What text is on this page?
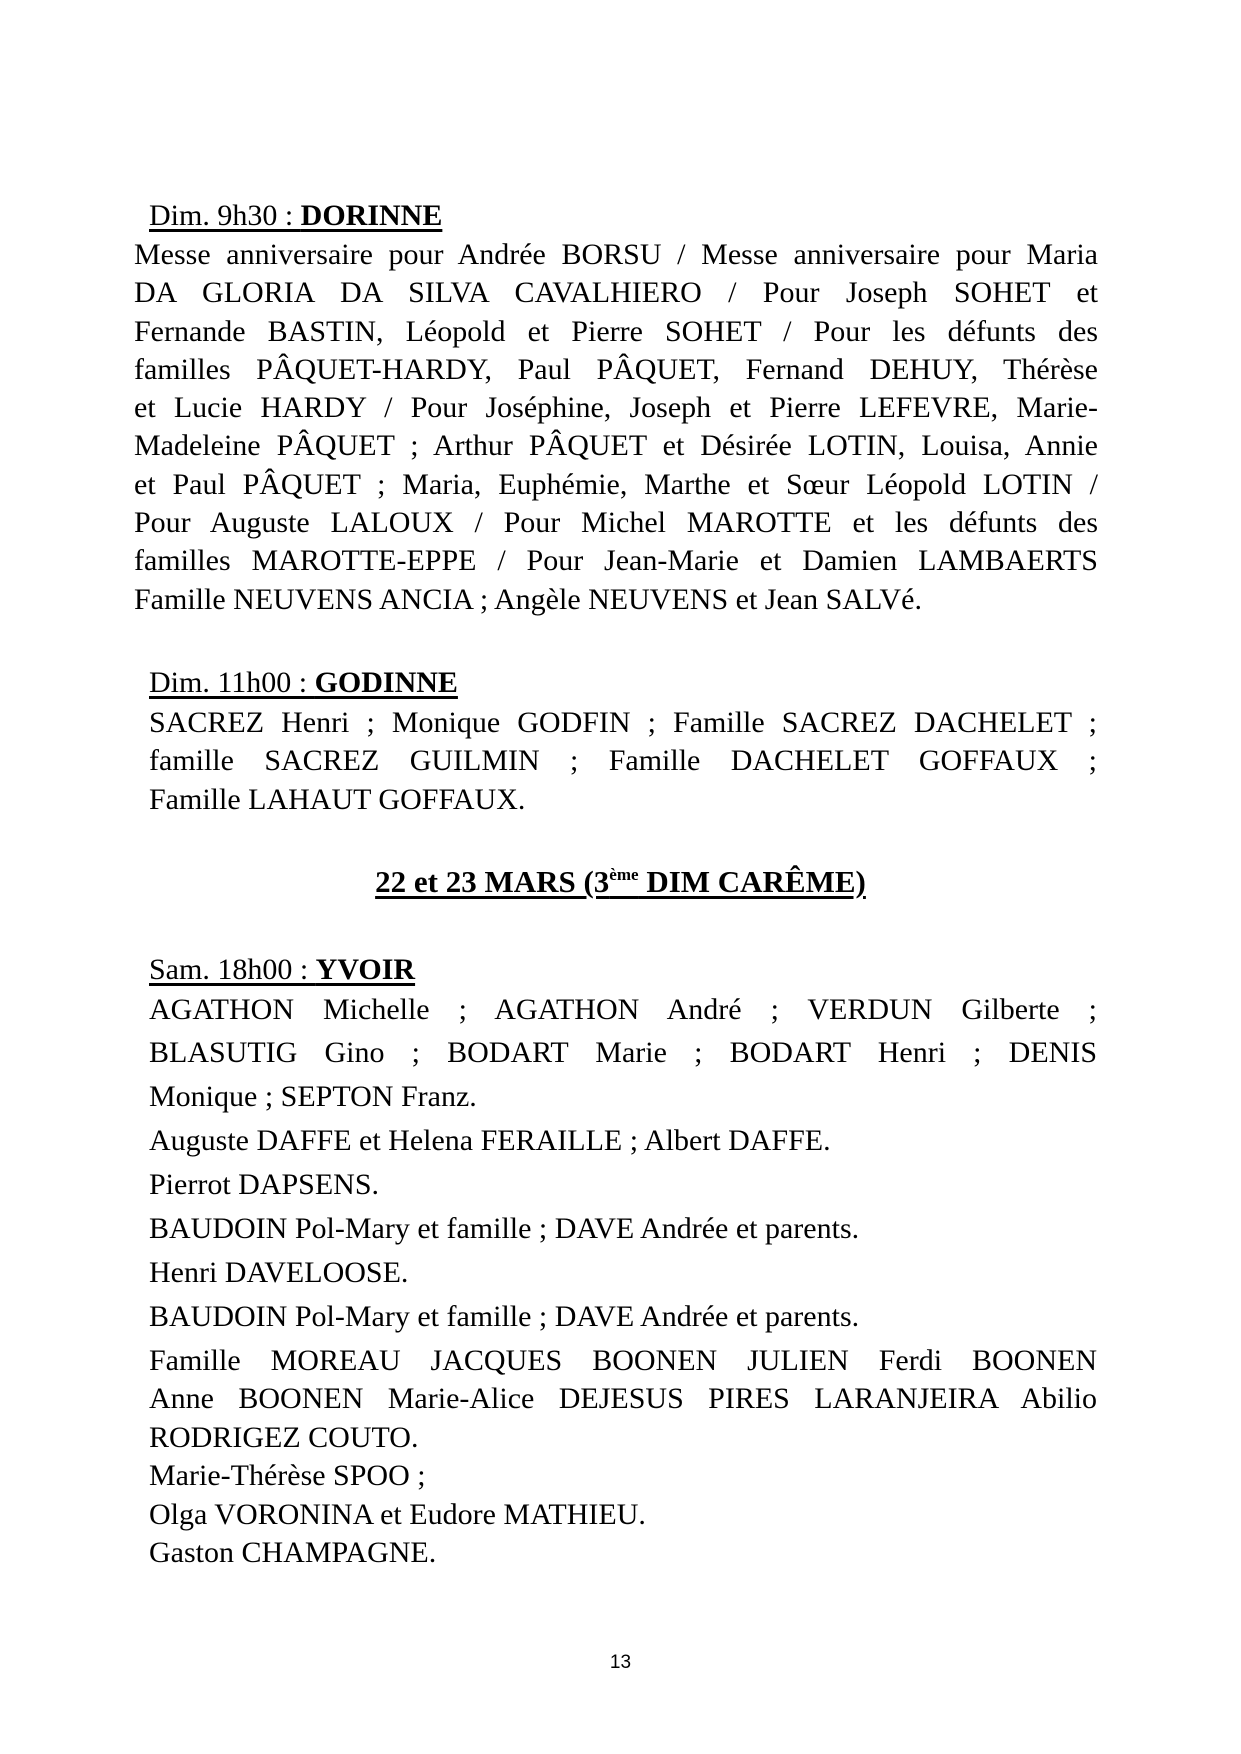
Dim. 9h30 : DORINNE
Messe anniversaire pour Andrée BORSU / Messe anniversaire pour Maria
DA GLORIA DA SILVA CAVALHIERO / Pour Joseph SOHET et
Fernande BASTIN, Léopold et Pierre SOHET / Pour les défunts des
familles PÂQUET-HARDY, Paul PÂQUET, Fernand DEHUY, Thérèse
et Lucie HARDY / Pour Joséphine, Joseph et Pierre LEFEVRE, Marie-
Madeleine PÂQUET ; Arthur PÂQUET et Désirée LOTIN, Louisa, Annie
et Paul PÂQUET ; Maria, Euphémie, Marthe et Sœur Léopold LOTIN /
Pour Auguste LALOUX / Pour Michel MAROTTE et les défunts des
familles MAROTTE-EPPE / Pour Jean-Marie et Damien LAMBAERTS
Famille NEUVENS ANCIA ; Angèle NEUVENS et Jean SALVé.
Dim. 11h00 : GODINNE
SACREZ Henri ; Monique GODFIN ; Famille SACREZ DACHELET ;
famille SACREZ GUILMIN ; Famille DACHELET GOFFAUX ;
Famille LAHAUT GOFFAUX.
22 et 23 MARS (3ème DIM CARÊME)
Sam. 18h00 : YVOIR
AGATHON Michelle ; AGATHON André ; VERDUN Gilberte ;
BLASUTIG Gino ; BODART Marie ; BODART Henri ; DENIS
Monique ; SEPTON Franz.
Auguste DAFFE et Helena FERAILLE ; Albert DAFFE.
Pierrot DAPSENS.
BAUDOIN Pol-Mary et famille ; DAVE Andrée et parents.
Henri DAVELOOSE.
BAUDOIN Pol-Mary et famille ; DAVE Andrée et parents.
Famille MOREAU JACQUES BOONEN JULIEN Ferdi BOONEN
Anne BOONEN Marie-Alice DEJESUS PIRES LARANJEIRA Abilio
RODRIGEZ COUTO.
Marie-Thérèse SPOO ;
Olga VORONINA et Eudore MATHIEU.
Gaston CHAMPAGNE.
13
